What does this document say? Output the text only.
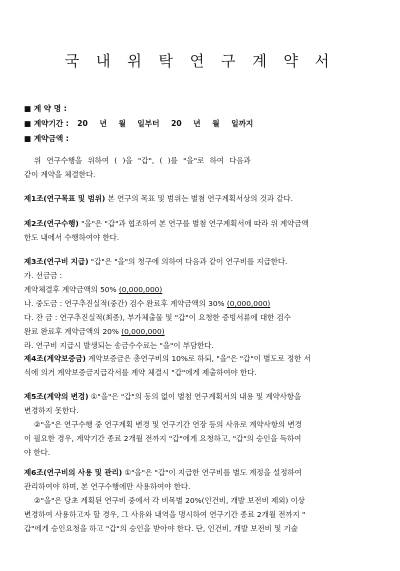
국 내 위 탁 연 구 계 약 서
■ 계 약 명 :
■ 계약기간 : 20 년 월 일부터 20 년 월 일까지
■ 계약금액 :
위 연구수행을 위하여 ( )을 "갑", ( )를 "을"로 하여 다음과
같이 계약을 체결한다.
제1조(연구목표 및 범위) 본 연구의 목표 및 범위는 별첨 연구계획서상의 것과 같다.
제2조(연구수행) "을"은 "갑"과 협조하여 본 연구를 별첨 연구계획서에 따라 위 계약금액
한도 내에서 수행하여야 한다.
제3조(연구비 지급) "갑"은 "을"의 청구에 의하여 다음과 같이 연구비를 지급한다.
가. 선금금 :
계약체결후 계약금액의 50% (0,000,000)
나. 중도금 : 연구추진실적(중간) 검수 완료후 계약금액의 30% (0,000,000)
다. 잔 금 : 연구추진실적(최종), 부가체출물 및 "갑"이 요청한 증빙서류에 대한 검수
완료 완료후 계약금액의 20% (0,000,000)
라. 연구비 지급시 발생되는 송금수수료는 "을"이 부담한다.
제4조(계약보증금) 계약보증금은 총연구비의 10%로 하되, "을"은 "갑"이 별도로 정한 서
식에 의거 계약보증금지급각서를 계약 체결시 "갑"에게 제출하여야 한다.
제5조(계약의 변경) ①"을"은 "갑"의 동의 없이 별첨 연구계획서의 내용 및 계약사항을
변경하지 못한다.
②"을"은 연구수행 중 연구계획 변경 및 연구기간 연장 등의 사유로 계약사항의 변경
이 필요한 경우, 계약기간 종료 2개월 전까지 "갑"에게 요청하고, "갑"의 승인을 득하여
야 한다.
제6조(연구비의 사용 및 관리) ①"을"은 "갑"이 지급한 연구비를 별도 계정을 설정하여
관리하여야 하며, 본 연구수행에만 사용하여야 한다.
②"을"은 당초 계획된 연구비 중에서 각 비목별 20%(인건비, 개발 보전비 제외) 이상
변경하여 사용하고자 할 경우, 그 사유와 내역을 명시하여 연구기간 종료 2개월 전까지 "
갑"에게 승인요청을 하고 "갑"의 승인을 받아야 한다. 단, 인건비, 개발 보전비 및 기술
